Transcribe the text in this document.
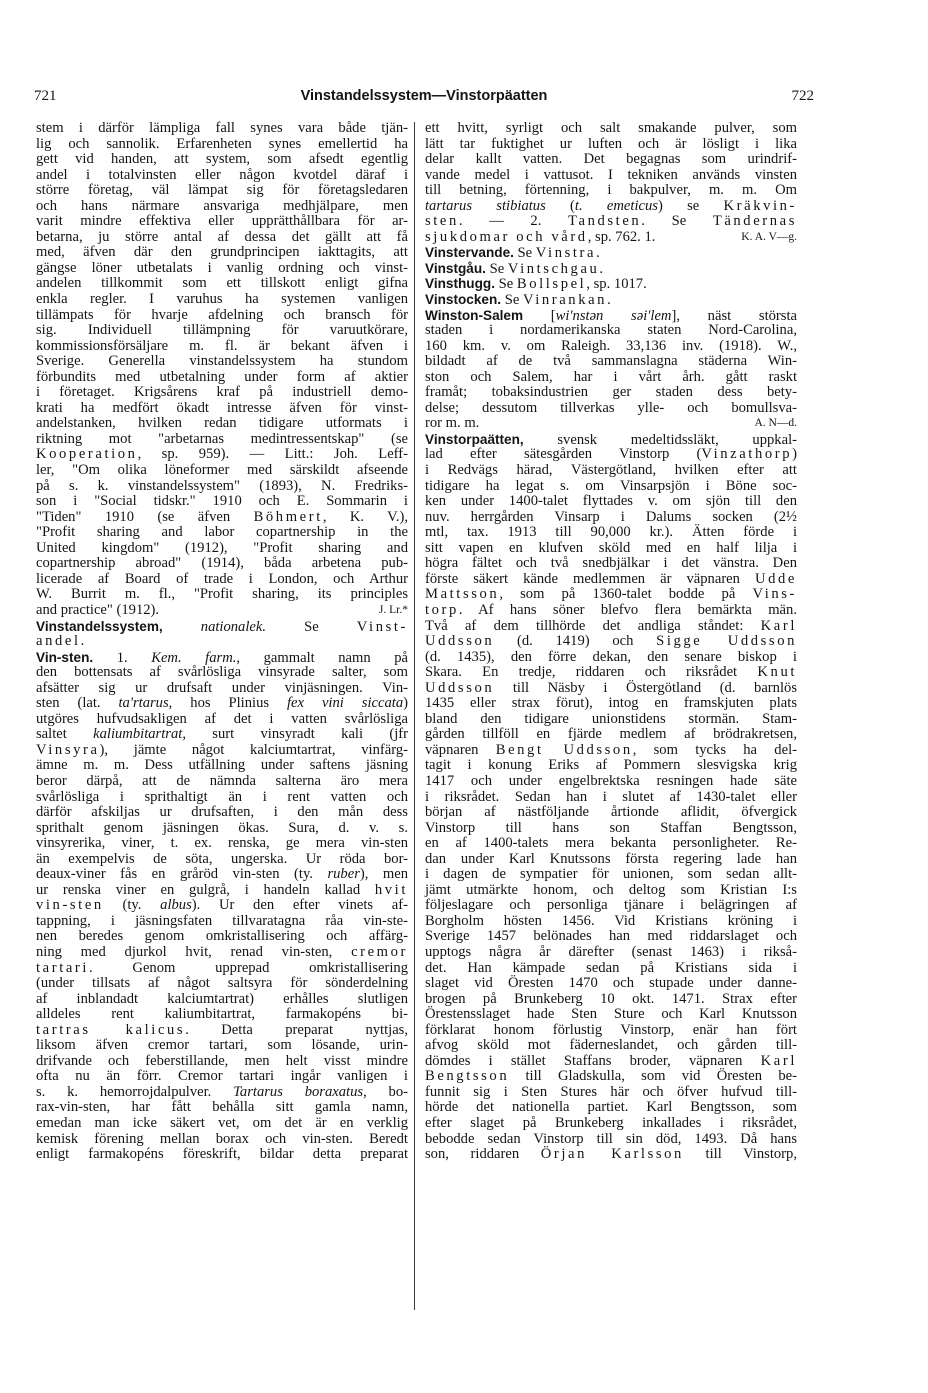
721	Vinstandelssystem—Vinstorpäatten	722
stem i därför lämpliga fall synes vara både tjän-
lig och sannolik. Erfarenheten synes emellertid ha
gett vid handen, att system, som afsedt egentlig
andel i totalvinsten eller någon kvotdel däraf i
större företag, väl lämpat sig för företagsledaren
och hans närmare ansvariga medhjälpare, men
varit mindre effektiva eller upprätthållbara för ar-
betarna, ju större antal af dessa det gällt att få
med, äfven där den grundprincipen iakttagits, att
gängse löner utbetalats i vanlig ordning och vinst-
andelen tillkommit som ett tillskott enligt gifna
enkla regler. I varuhus ha systemen vanligen
tillämpats för hvarje afdelning och bransch för
sig. Individuell tillämpning för varuutkörare,
kommissionsförsäljare m. fl. är bekant äfven i
Sverige. Generella vinstandelssystem ha stundom
förbundits med utbetalning under form af aktier
i företaget. Krigsårens kraf på industriell demo-
krati ha medfört ökadt intresse äfven för vinst-
andelstanken, hvilken redan tidigare utformats i
riktning mot "arbetarnas medintressentskap" (se
Kooperation, sp. 959). — Litt.: Joh. Leff-
ler, "Om olika löneformer med särskildt afseende
på s. k. vinstandelssystem" (1893), N. Fredriks-
son i "Social tidskr." 1910 och E. Sommarin i
"Tiden" 1910 (se äfven Böhmert, K. V.),
"Profit sharing and labor copartnership in the
United kingdom" (1912), "Profit sharing and
copartnership abroad" (1914), båda arbetena pub-
licerade af Board of trade i London, och Arthur
W. Burrit m. fl., "Profit sharing, its principles
and practice" (1912).	J. Lr.*
Vinstandelssystem,	nationalek. Se Vinst-
andel.
Vin-sten. 1. Kem. farm., gammalt namn på
den bottensats af svårlösliga vinsyrade salter, som
afsätter sig ur drufsaft under vinjäsningen. Vin-
sten (lat. ta'rtarus, hos Plinius fex vini siccata)
utgöres hufvudsakligen af det i vatten svårlösliga
saltet kaliumbitartrat, surt vinsyradt kali (jfr
Vinsyra), jämte något kalciumtartrat, vinfärg-
ämne m. m. Dess utfällning under saftens jäsning
beror därpå, att de nämnda salterna äro mera
svårlösliga i sprithaltigt än i rent vatten och
därför afskiljas ur drufsaften, i den mån dess
sprithalt genom jäsningen ökas. Sura, d. v. s.
vinsyrerika, viner, t. ex. renska, ge mera vin-sten
än exempelvis de söta, ungerska. Ur röda bor-
deaux-viner fås en gråröd vin-sten (ty. ruber), men
ur renska viner en gulgrå, i handeln kallad hvit
vin-sten (ty. albus). Ur den efter vinets af-
tappning, i jäsningsfaten tillvaratagna råa vin-ste-
nen beredes genom omkristallisering och affärg-
ning med djurkol hvit, renad vin-sten, cremor
tartari. Genom upprepad omkristallisering
(under tillsats af något saltsyra för sönderdelning
af inblandadt kalciumtartrat) erhålles slutligen
alldeles rent kaliumbitartrat, farmakopéns bi-
tartras kalicus. Detta preparat nyttjas,
liksom äfven cremor tartari, som lösande, urin-
drifvande och feberstillande, men helt visst mindre
ofta nu än förr. Cremor tartari ingår vanligen i
s. k. hemorrojdalpulver. Tartarus boraxatus, bo-
rax-vin-sten, har fått behålla sitt gamla namn,
emedan man icke säkert vet, om det är en verklig
kemisk förening mellan borax och vin-sten. Beredt
enligt farmakopéns föreskrift, bildar detta preparat
ett hvitt, syrligt och salt smakande pulver, som
lätt tar fuktighet ur luften och är lösligt i lika
delar kallt vatten. Det begagnas som urindrif-
vande medel i vattusot. I tekniken används vinsten
till betning, förtenning, i bakpulver, m. m. Om
tartarus stibiatus (t. emeticus) se Kräkvin-
sten. — 2. Tandsten. Se Tändernas
sjukdomar och vård, sp. 762. 1.	K. A. V—g.
Vinstervande. Se Vinstra.
Vinstgåu. Se Vintschgau.
Vinsthugg. Se Bollspel, sp. 1017.
Vinstocken. Se Vinrankan.
Winston-Salem [wi'nstən səi'lem], näst största
staden i nordamerikanska staten Nord-Carolina,
160 km. v. om Raleigh. 33,136 inv. (1918). W.,
bildadt af de två sammanslagna städerna Win-
ston och Salem, har i vårt årh. gått raskt
framåt; tobaksindustrien ger staden dess bety-
delse; dessutom tillverkas ylle- och bomullsva-
ror m. m.	A. N—d.
Vinstorpaätten, svensk medeltidssläkt, uppkal-
lad efter sätesgården Vinstorp (Vinzathorp)
i Redvägs härad, Västergötland, hvilken efter att
tidigare ha legat s. om Vinsarpsjön i Böne soc-
ken under 1400-talet flyttades v. om sjön till den
nuv. herrgården Vinsarp i Dalums socken (2½
mtl, tax. 1913 till 90,000 kr.). Ätten förde i
sitt vapen en klufven sköld med en half lilja i
högra fältet och två snedbjälkar i det vänstra. Den
förste säkert kände medlemmen är väpnaren Udde
Mattsson, som på 1360-talet bodde på Vins-
torp. Af hans söner blefvo flera bemärkta män.
Två af dem tillhörde det andliga ståndet: Karl
Uddsson (d. 1419) och Sigge Uddsson
(d. 1435), den förre dekan, den senare biskop i
Skara. En tredje, riddaren och riksrådet Knut
Uddsson till Näsby i Östergötland (d. barnlös
1435 eller strax förut), intog en framskjuten plats
bland den tidigare unionstidens stormän. Stam-
gården tillföll en fjärde medlem af brödrakretsen,
väpnaren Bengt Uddsson, som tycks ha del-
tagit i konung Eriks af Pommern slesvigska krig
1417 och under engelbrektska resningen hade säte
i riksrådet. Sedan han i slutet af 1430-talet eller
början af nästföljande årtionde aflidit, öfvergick
Vinstorp till hans son Staffan Bengtsson,
en af 1400-talets mera bekanta personligheter. Re-
dan under Karl Knutssons första regering lade han
i dagen de sympatier för unionen, som sedan allt-
jämt utmärkte honom, och deltog som Kristian I:s
följeslagare och personliga tjänare i belägringen af
Borgholm hösten 1456. Vid Kristians kröning i
Sverige 1457 belönades han med riddarslaget och
upptogs några år därefter (senast 1463) i rikså-
det. Han kämpade sedan på Kristians sida i
slaget vid Öresten 1470 och stupade under danne-
brogen på Brunkeberg 10 okt. 1471. Strax efter
Örestensslaget hade Sten Sture och Karl Knutsson
förklarat honom förlustig Vinstorp, enär han fört
afvog sköld mot fäderneslandet, och gården till-
dömdes i stället Staffans broder, väpnaren Karl
Bengtsson till Gladskulla, som vid Öresten be-
funnit sig i Sten Stures här och öfver hufvud till-
hörde det nationella partiet. Karl Bengtsson, som
efter slaget på Brunkeberg inkallades i riksrådet,
bebodde sedan Vinstorp till sin död, 1493. Då hans
son, riddaren Örjan Karlsson till Vinstorp,
